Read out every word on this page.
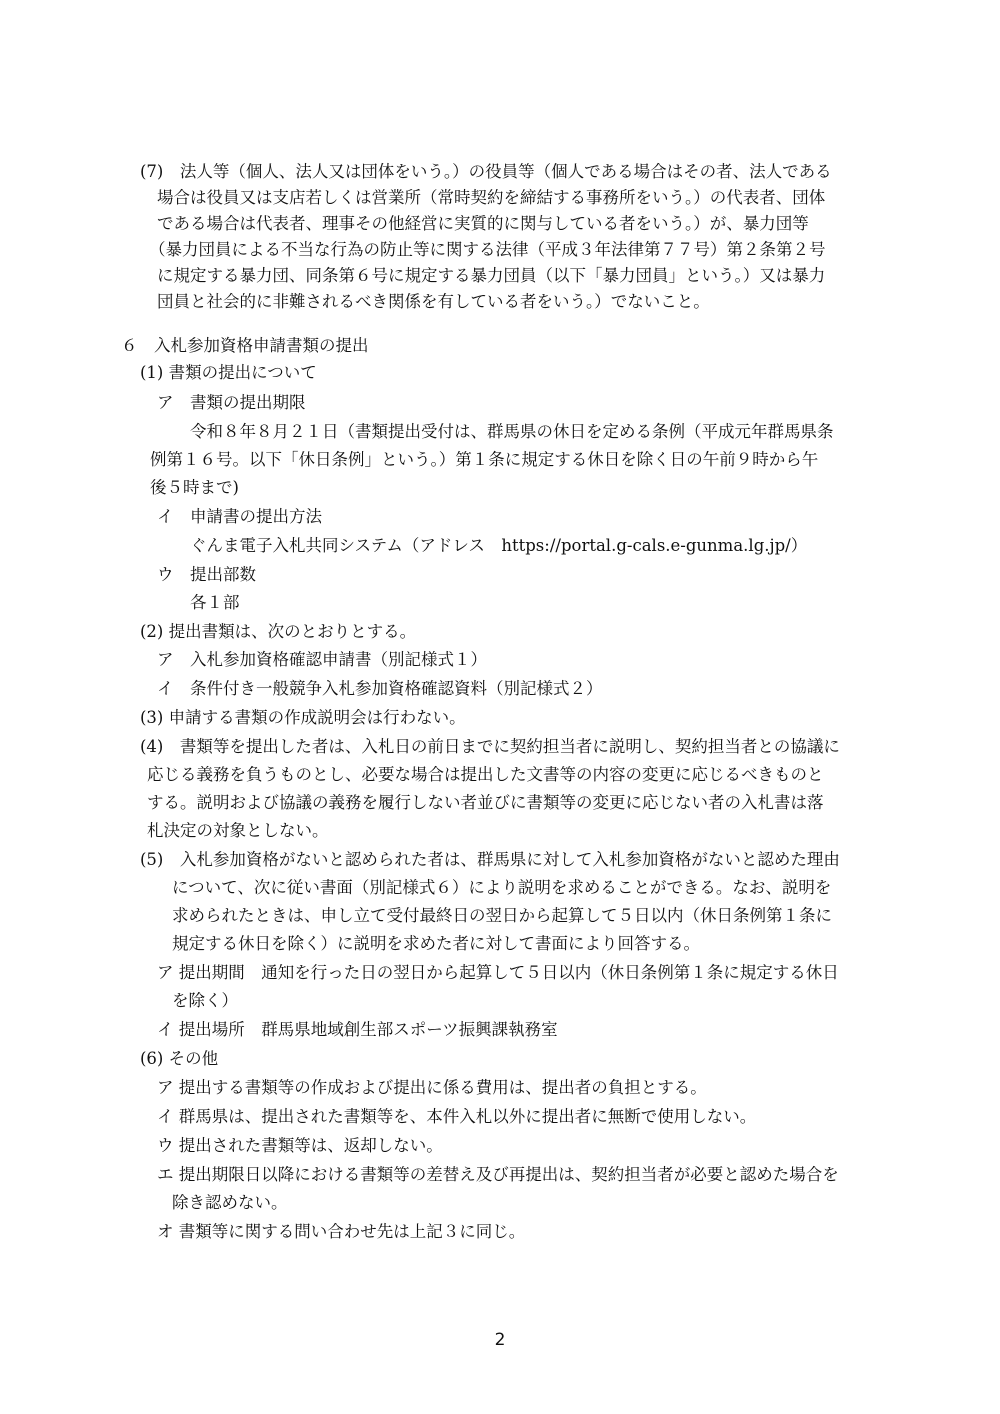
(7)　法人等（個人、法人又は団体をいう。）の役員等（個人である場合はその者、法人である
場合は役員又は支店若しくは営業所（常時契約を締結する事務所をいう。）の代表者、団体
である場合は代表者、理事その他経営に実質的に関与している者をいう。）が、暴力団等
（暴力団員による不当な行為の防止等に関する法律（平成３年法律第７７号）第２条第２号
に規定する暴力団、同条第６号に規定する暴力団員（以下「暴力団員」という。）又は暴力
団員と社会的に非難されるべき関係を有している者をいう。）でないこと。
６　入札参加資格申請書類の提出
(1) 書類の提出について
ア　書類の提出期限
令和８年８月２１日（書類提出受付は、群馬県の休日を定める条例（平成元年群馬県条
例第１６号。以下「休日条例」という。）第１条に規定する休日を除く日の午前９時から午
後５時まで)
イ　申請書の提出方法
ぐんま電子入札共同システム（アドレス　https://portal.g-cals.e-gunma.lg.jp/）
ウ　提出部数
各１部
(2) 提出書類は、次のとおりとする。
ア　入札参加資格確認申請書（別記様式１）
イ　条件付き一般競争入札参加資格確認資料（別記様式２）
(3) 申請する書類の作成説明会は行わない。
(4)　書類等を提出した者は、入札日の前日までに契約担当者に説明し、契約担当者との協議に
応じる義務を負うものとし、必要な場合は提出した文書等の内容の変更に応じるべきものと
する。説明および協議の義務を履行しない者並びに書類等の変更に応じない者の入札書は落
札決定の対象としない。
(5)　入札参加資格がないと認められた者は、群馬県に対して入札参加資格がないと認めた理由
について、次に従い書面（別記様式６）により説明を求めることができる。なお、説明を
求められたときは、申し立て受付最終日の翌日から起算して５日以内（休日条例第１条に
規定する休日を除く）に説明を求めた者に対して書面により回答する。
ア 提出期間　通知を行った日の翌日から起算して５日以内（休日条例第１条に規定する休日
を除く）
イ 提出場所　群馬県地域創生部スポーツ振興課執務室
(6) その他
ア 提出する書類等の作成および提出に係る費用は、提出者の負担とする。
イ 群馬県は、提出された書類等を、本件入札以外に提出者に無断で使用しない。
ウ 提出された書類等は、返却しない。
エ 提出期限日以降における書類等の差替え及び再提出は、契約担当者が必要と認めた場合を
除き認めない。
オ 書類等に関する問い合わせ先は上記３に同じ。
2
